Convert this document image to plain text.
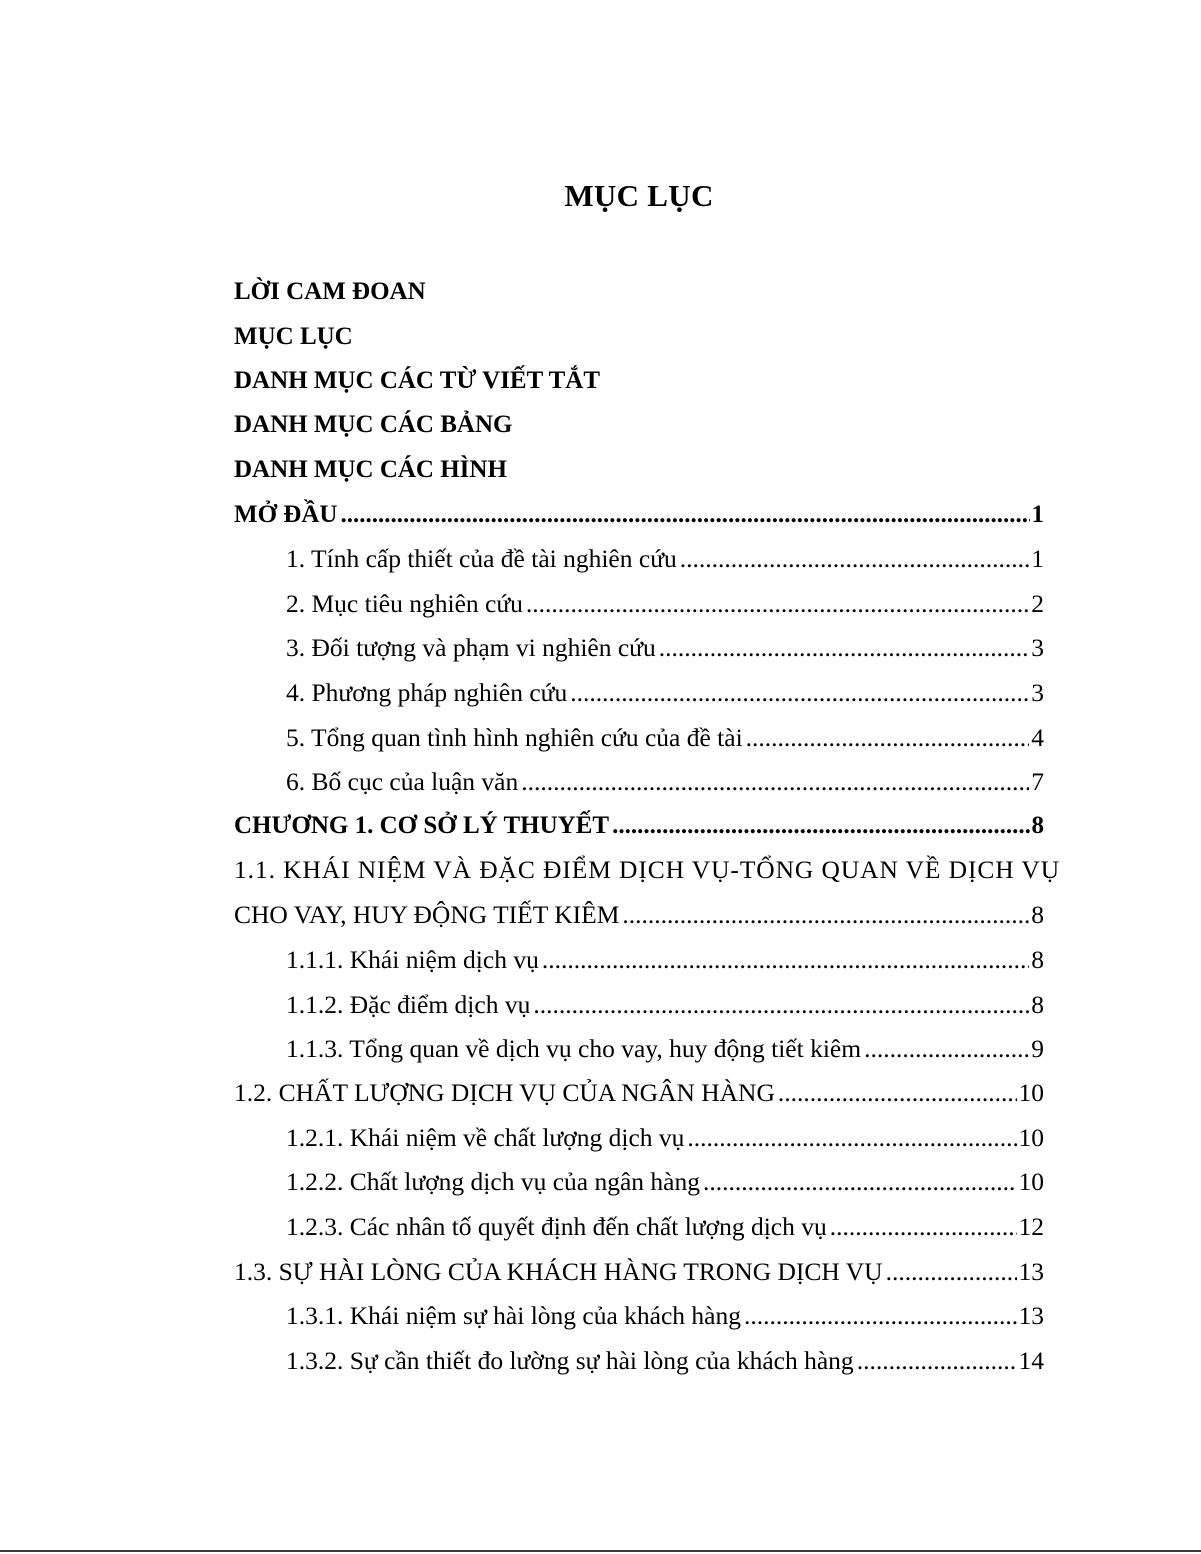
MỤC LỤC
LỜI CAM ĐOAN
MỤC LỤC
DANH MỤC CÁC TỪ VIẾT TẮT
DANH MỤC CÁC BẢNG
DANH MỤC CÁC HÌNH
MỞ ĐẦU .....	1
1. Tính cấp thiết của đề tài nghiên cứu .....	1
2. Mục tiêu nghiên cứu .....	2
3. Đối tượng và phạm vi nghiên cứu .....	3
4. Phương pháp nghiên cứu .....	3
5. Tổng quan tình hình nghiên cứu của đề tài .....	4
6. Bố cục của luận văn .....	7
CHƯƠNG 1. CƠ SỞ LÝ THUYẾT .....	8
1.1. KHÁI NIỆM VÀ ĐẶC ĐIỂM DỊCH VỤ-TỔNG QUAN VỀ DỊCH VỤ
CHO VAY, HUY ĐỘNG TIẾT KIÊM .....	8
1.1.1. Khái niệm dịch vụ .....	8
1.1.2. Đặc điểm dịch vụ .....	8
1.1.3. Tổng quan về dịch vụ cho vay, huy động tiết kiêm .....	9
1.2. CHẤT LƯỢNG DỊCH VỤ CỦA NGÂN HÀNG .....	10
1.2.1. Khái niệm về chất lượng dịch vụ .....	10
1.2.2. Chất lượng dịch vụ của ngân hàng .....	10
1.2.3. Các nhân tố quyết định đến chất lượng dịch vụ .....	12
1.3. SỰ HÀI LÒNG CỦA KHÁCH HÀNG TRONG DỊCH VỤ .....	13
1.3.1. Khái niệm sự hài lòng của khách hàng .....	13
1.3.2. Sự cần thiết đo lường sự hài lòng của khách hàng .....	14
